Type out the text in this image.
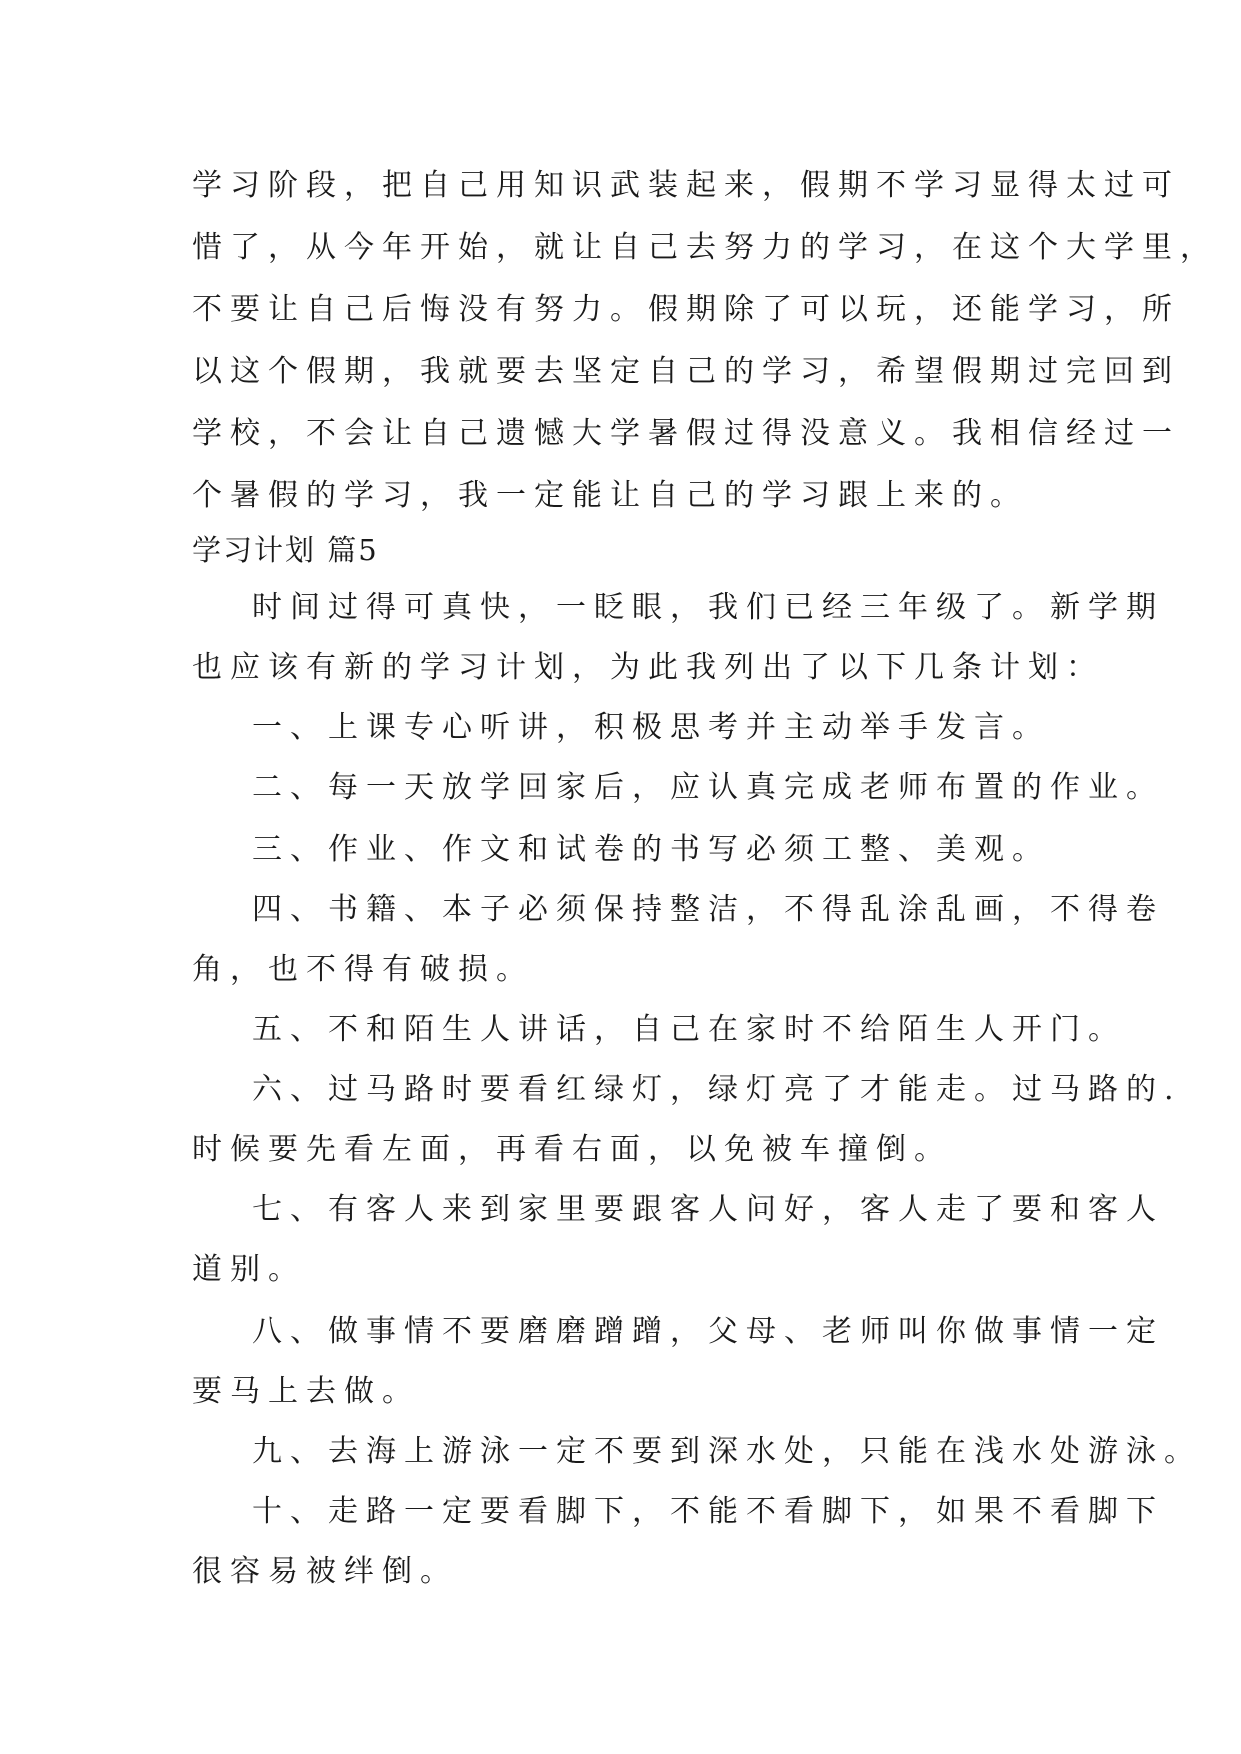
学习阶段，把自己用知识武装起来，假期不学习显得太过可
惜了，从今年开始，就让自己去努力的学习，在这个大学里，
不要让自己后悔没有努力。假期除了可以玩，还能学习，所
以这个假期，我就要去坚定自己的学习，希望假期过完回到
学校，不会让自己遗憾大学暑假过得没意义。我相信经过一
个暑假的学习，我一定能让自己的学习跟上来的。
学习计划 篇5
时间过得可真快，一眨眼，我们已经三年级了。新学期
也应该有新的学习计划，为此我列出了以下几条计划：
一、上课专心听讲，积极思考并主动举手发言。
二、每一天放学回家后，应认真完成老师布置的作业。
三、作业、作文和试卷的书写必须工整、美观。
四、书籍、本子必须保持整洁，不得乱涂乱画，不得卷
角，也不得有破损。
五、不和陌生人讲话，自己在家时不给陌生人开门。
六、过马路时要看红绿灯，绿灯亮了才能走。过马路的.
时候要先看左面，再看右面，以免被车撞倒。
七、有客人来到家里要跟客人问好，客人走了要和客人
道别。
八、做事情不要磨磨蹭蹭，父母、老师叫你做事情一定
要马上去做。
九、去海上游泳一定不要到深水处，只能在浅水处游泳。
十、走路一定要看脚下，不能不看脚下，如果不看脚下
很容易被绊倒。
